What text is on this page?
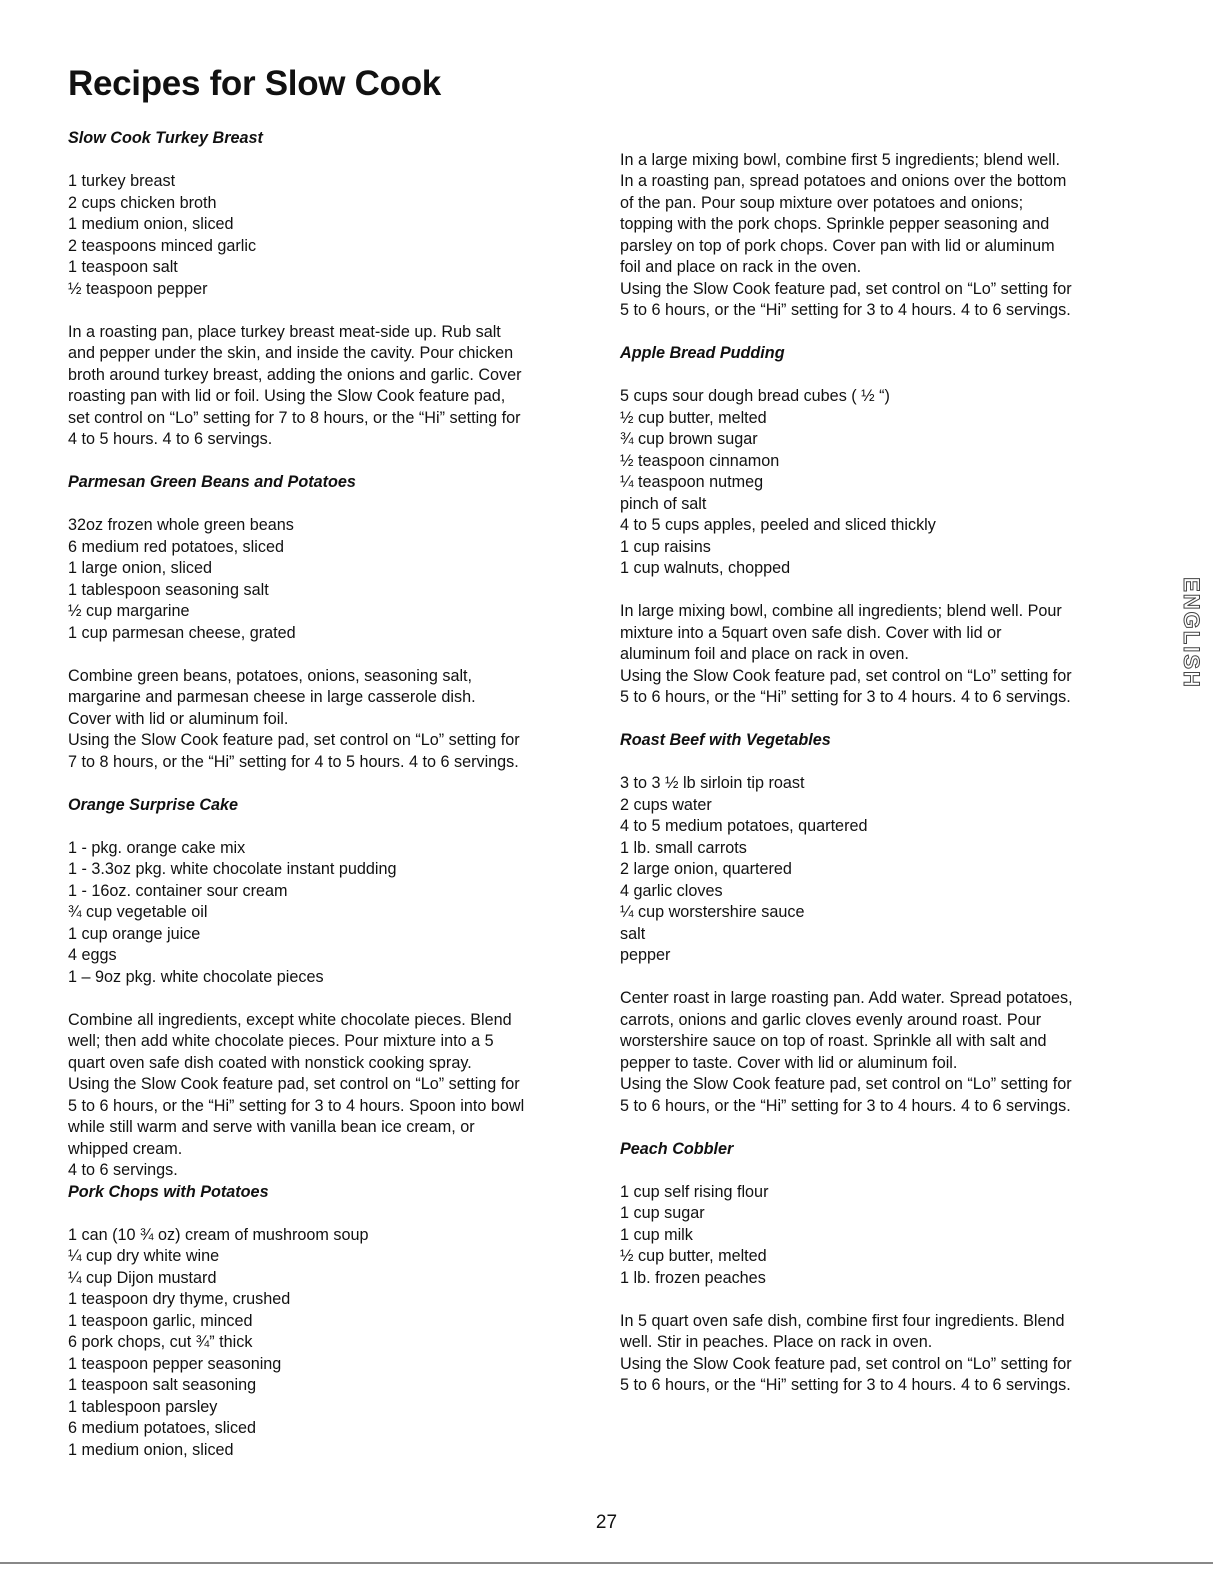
Recipes for Slow Cook
Slow Cook Turkey Breast
1 turkey breast
2 cups chicken broth
1 medium onion, sliced
2 teaspoons minced garlic
1 teaspoon salt
½ teaspoon pepper
In a roasting pan, place turkey breast meat-side up. Rub salt
and pepper under the skin, and inside the cavity. Pour chicken
broth around turkey breast, adding the onions and garlic. Cover
roasting pan with lid or foil. Using the Slow Cook feature pad,
set control on “Lo” setting for 7 to 8 hours, or the “Hi” setting for
4 to 5 hours. 4 to 6 servings.
Parmesan Green Beans and Potatoes
32oz frozen whole green beans
6 medium red potatoes, sliced
1 large onion, sliced
1 tablespoon seasoning salt
½ cup margarine
1 cup parmesan cheese, grated
Combine green beans, potatoes, onions, seasoning salt,
margarine and parmesan cheese in large casserole dish.
Cover with lid or aluminum foil.
Using the Slow Cook feature pad, set control on “Lo” setting for
7 to 8 hours, or the “Hi” setting for 4 to 5 hours. 4 to 6 servings.
Orange Surprise Cake
1 - pkg. orange cake mix
1 - 3.3oz pkg. white chocolate instant pudding
1 - 16oz. container sour cream
¾ cup vegetable oil
1 cup orange juice
4 eggs
1 – 9oz pkg. white chocolate pieces
Combine all ingredients, except white chocolate pieces. Blend
well; then add white chocolate pieces. Pour mixture into a 5
quart oven safe dish coated with nonstick cooking spray.
Using the Slow Cook feature pad, set control on “Lo” setting for
5 to 6 hours, or the “Hi” setting for 3 to 4 hours. Spoon into bowl
while still warm and serve with vanilla bean ice cream, or
whipped cream.
4 to 6 servings.
Pork Chops with Potatoes
1 can (10 ¾ oz) cream of mushroom soup
¼ cup dry white wine
¼ cup Dijon mustard
1 teaspoon dry thyme, crushed
1 teaspoon garlic, minced
6 pork chops, cut ¾” thick
1 teaspoon pepper seasoning
1 teaspoon salt seasoning
1 tablespoon parsley
6 medium potatoes, sliced
1 medium onion, sliced
In a large mixing bowl, combine first 5 ingredients; blend well.
In a roasting pan, spread potatoes and onions over the bottom
of the pan. Pour soup mixture over potatoes and onions;
topping with the pork chops. Sprinkle pepper seasoning and
parsley on top of pork chops. Cover pan with lid or aluminum
foil and place on rack in the oven.
Using the Slow Cook feature pad, set control on “Lo” setting for
5 to 6 hours, or the “Hi” setting for 3 to 4 hours. 4 to 6 servings.
Apple Bread Pudding
5 cups sour dough bread cubes ( ½ “)
½ cup butter, melted
¾ cup brown sugar
½ teaspoon cinnamon
¼ teaspoon nutmeg
pinch of salt
4 to 5 cups apples, peeled and sliced thickly
1 cup raisins
1 cup walnuts, chopped
In large mixing bowl, combine all ingredients; blend well. Pour
mixture into a 5quart oven safe dish. Cover with lid or
aluminum foil and place on rack in oven.
Using the Slow Cook feature pad, set control on “Lo” setting for
5 to 6 hours, or the “Hi” setting for 3 to 4 hours. 4 to 6 servings.
Roast Beef with Vegetables
3 to 3 ½ lb sirloin tip roast
2 cups water
4 to 5 medium potatoes, quartered
1 lb. small carrots
2 large onion, quartered
4 garlic cloves
¼ cup worstershire sauce
salt
pepper
Center roast in large roasting pan. Add water. Spread potatoes,
carrots, onions and garlic cloves evenly around roast. Pour
worstershire sauce on top of roast. Sprinkle all with salt and
pepper to taste. Cover with lid or aluminum foil.
Using the Slow Cook feature pad, set control on “Lo” setting for
5 to 6 hours, or the “Hi” setting for 3 to 4 hours. 4 to 6 servings.
Peach Cobbler
1 cup self rising flour
1 cup sugar
1 cup milk
½ cup butter, melted
1 lb. frozen peaches
In 5 quart oven safe dish, combine first four ingredients. Blend
well. Stir in peaches. Place on rack in oven.
Using the Slow Cook feature pad, set control on “Lo” setting for
5 to 6 hours, or the “Hi” setting for 3 to 4 hours. 4 to 6 servings.
ENGLISH
27
